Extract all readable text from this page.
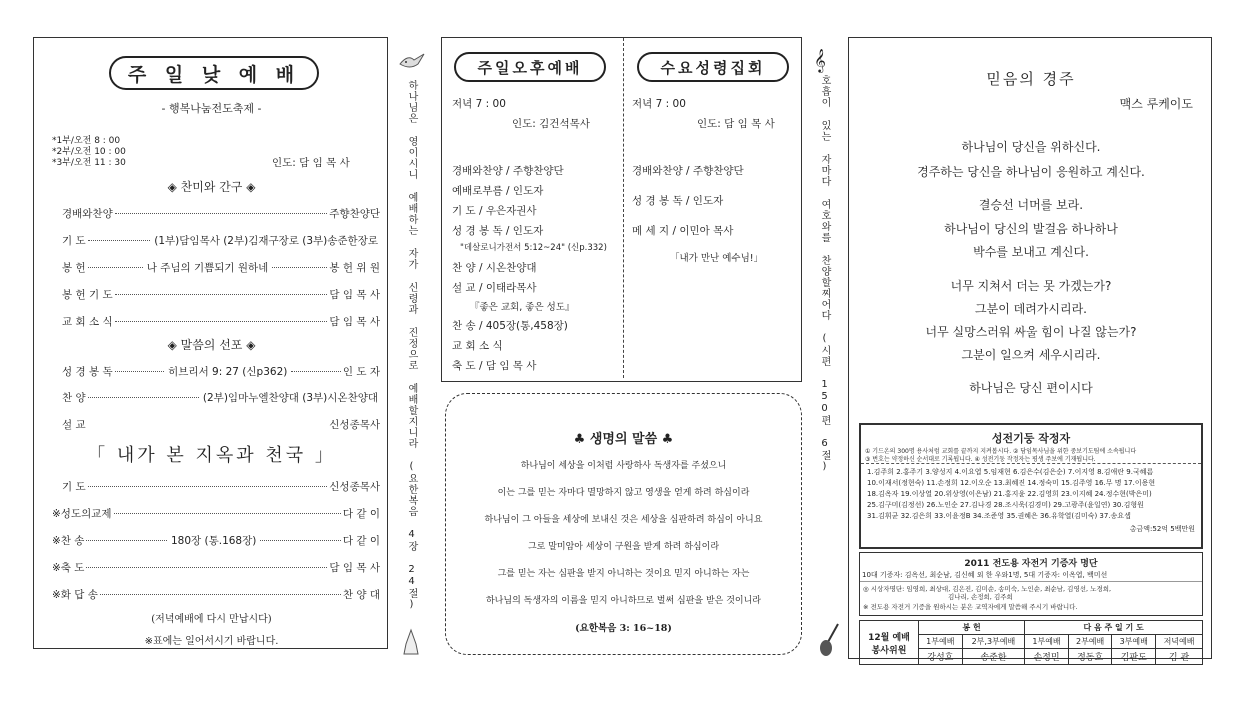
주 일 낮 예 배
- 행복나눔전도축제 -
*1부/오전 8 : 00
*2부/오전 10 : 00
*3부/오전 11 : 30	인도: 담 임 목 사
◈ 찬미와 간구 ◈
경배와찬양	주향찬양단
기 도	(1부)담임목사 (2부)김재구장로 (3부)송준한장로
봉 헌	나 주님의 기쁨되기 원하네	봉 헌 위 원
봉 헌 기 도	담 임 목 사
교 회 소 식	담 임 목 사
◈ 말씀의 선포 ◈
성 경 봉 독	히브리서 9: 27 (신p362)	인 도 자
찬 양	(2부)임마누엘찬양대 (3부)시온찬양대
설 교	신성종목사
「 내가 본 지옥과 천국 」
기 도	신성종목사
※성도의교제	다 같 이
※찬 송	180장 (통.168장)	다 같 이
※축 도	담 임 목 사
※화 답 송	찬 양 대
(저녁예배에 다시 만납시다)
※표에는 일어서시기 바랍니다.
하나님은 영이시니 예배하는 자가 신령과 진정으로 예배할지니라 (요한복음 4장 24절)
주일오후예배	수요성령집회
저녁 7 : 00
인도: 김건석목사
경배와찬양 / 주향찬양단
예배로부름 / 인도자
기 도 / 우은자권사
성 경 봉 독 / 인도자
"데살로니가전서 5:12~24" (신p.332)
찬 양 / 시온찬양대
설 교 / 이태라목사
『좋은 교회, 좋은 성도』
찬 송 / 405장(통,458장)
교 회 소 식
축 도 / 담 임 목 사
저녁 7 : 00
인도: 담 임 목 사
경배와찬양 / 주향찬양단
성 경 봉 독 / 인도자
메 세 지 / 이민아 목사
「내가 만난 예수님!」
♣ 생명의 말씀 ♣
하나님이 세상을 이처럼 사랑하사 독생자를 주셨으니
이는 그를 믿는 자마다 멸망하지 않고 영생을 얻게 하려 하심이라
하나님이 그 아들을 세상에 보내신 것은 세상을 심판하려 하심이 아니요
그로 말미암아 세상이 구원을 받게 하려 하심이라
그를 믿는 자는 심판을 받지 아니하는 것이요 믿지 아니하는 자는
하나님의 독생자의 이름을 믿지 아니하므로 벌써 심판을 받은 것이니라
(요한복음 3: 16~18)
𝄞
호흡이 있는 자마다 여호와를 찬양할찌어다 (시편 150편 6절)	믿음의 경주
맥스 루케이도
하나님이 당신을 위하신다.
경주하는 당신을 하나님이 응원하고 계신다.
결승선 너머를 보라.
하나님이 당신의 발걸음 하나하나
박수를 보내고 계신다.
너무 지쳐서 더는 못 가겠는가?
그분이 데려가시리라.
너무 실망스러워 싸울 힘이 나질 않는가?
그분이 일으켜 세우시리라.
하나님은 당신 편이시다
성전기둥 작정자
① 기드온의 300명 용사처럼 교회를 끝까지 지켜봅시다. ② 담임목사님을 위한 중보기도팀에 소속됩니다
③ 번호는 약정하신 순서대로 기록됩니다. ④ 성전기둥 작정자는 평생 주보에 기재됩니다.
1.김주희 2.홍주기 3.양성지 4.이요엽 5.임재현 6.김은수(김은순) 7.이지영 8.김애란 9.국혜름
10.이재서(정현숙) 11.손정희 12.이오순 13.최혜진 14.정숙미 15.김주영 16.무 명 17.이용현
18.김옥자 19.이상열 20.위상영(이은남) 21.홍지윤 22.김영희 23.이지혜 24.정수현(박은미)
25.김구미(김정선) 26.노인순 27.김나경 28.조시욱(김경미) 29.고광주(윤일연) 30.김형원
31.김휘균 32.김은희 33.이윤정B 34.조준영 35.권혜은 36.유학열(김미숙) 37.송요셉
총금액:52억 5백만원
2011 전도용 자전거 기증자 명단
10대 기증자: 김옥선, 최순남, 김신혜 외 한 우와1명, 5대 기증자: 이옥엽, 백미선
◎ 시상자명단: 임영희, 최상대, 김은진, 김미순, 송미숙, 노인순, 최순남, 김영선, 노경희,
김나리, 손정희, 김주희
※ 전도용 자전거 기증을 원하시는 분은 교역자에게 말씀해 주시기 바랍니다.
12월 예배 봉사위원	봉 헌		다 음 주 일 기 도			
	1부예배	2부,3부예배	1부예배	2부예배	3부예배	저녁예배
	강성호	송준한	손정민	정동호	김판도	김 관
